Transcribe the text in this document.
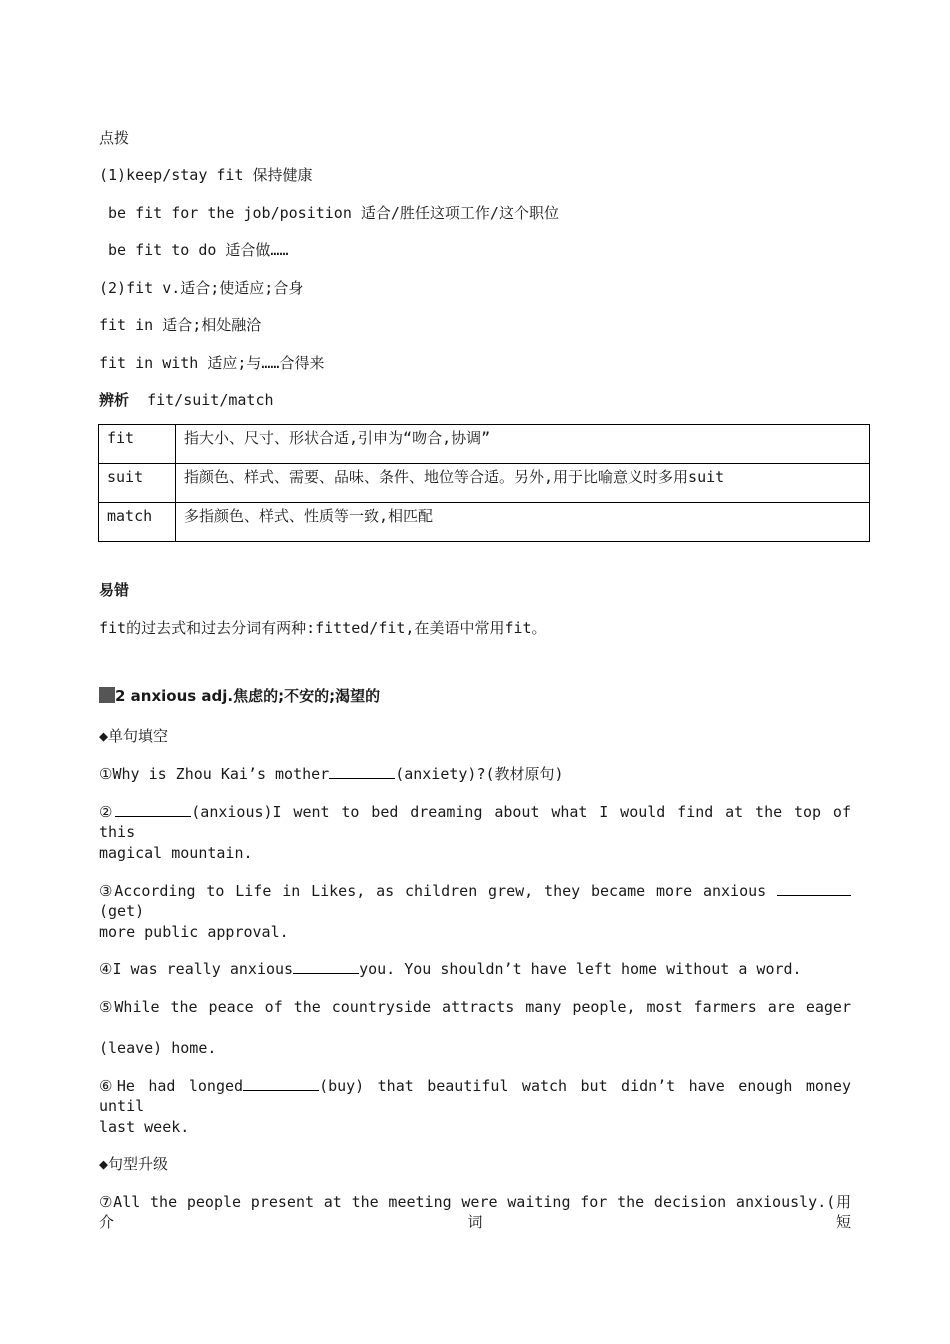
点拨
(1)keep/stay fit 保持健康
be fit for the job/position 适合/胜任这项工作/这个职位
be fit to do 适合做……
(2)fit v.适合;使适应;合身
fit in 适合;相处融洽
fit in with 适应;与……合得来
辨析 fit/suit/match
fit	指大小、尺寸、形状合适,引申为“吻合,协调”
suit	指颜色、样式、需要、品味、条件、地位等合适。另外,用于比喻意义时多用suit
match	多指颜色、样式、性质等一致,相匹配
易错
fit的过去式和过去分词有两种:fitted/fit,在美语中常用fit。
2 anxious adj.焦虑的;不安的;渴望的
◆单句填空
①Why is Zhou Kai’s mother	(anxiety)?(教材原句)
②	(anxious)I went to bed dreaming about what I would find at the top of this
magical mountain.
③According to Life in Likes, as children grew, they became more anxious (get)
more public approval.
④I was really anxious	you. You shouldn’t have left home without a word.
⑤While the peace of the countryside attracts many people, most farmers are eager
(leave) home.
⑥He had longed	(buy) that beautiful watch but didn’t have enough money until
last week.
◆句型升级
⑦All the people present at the meeting were waiting for the decision anxiously.(用介词短
